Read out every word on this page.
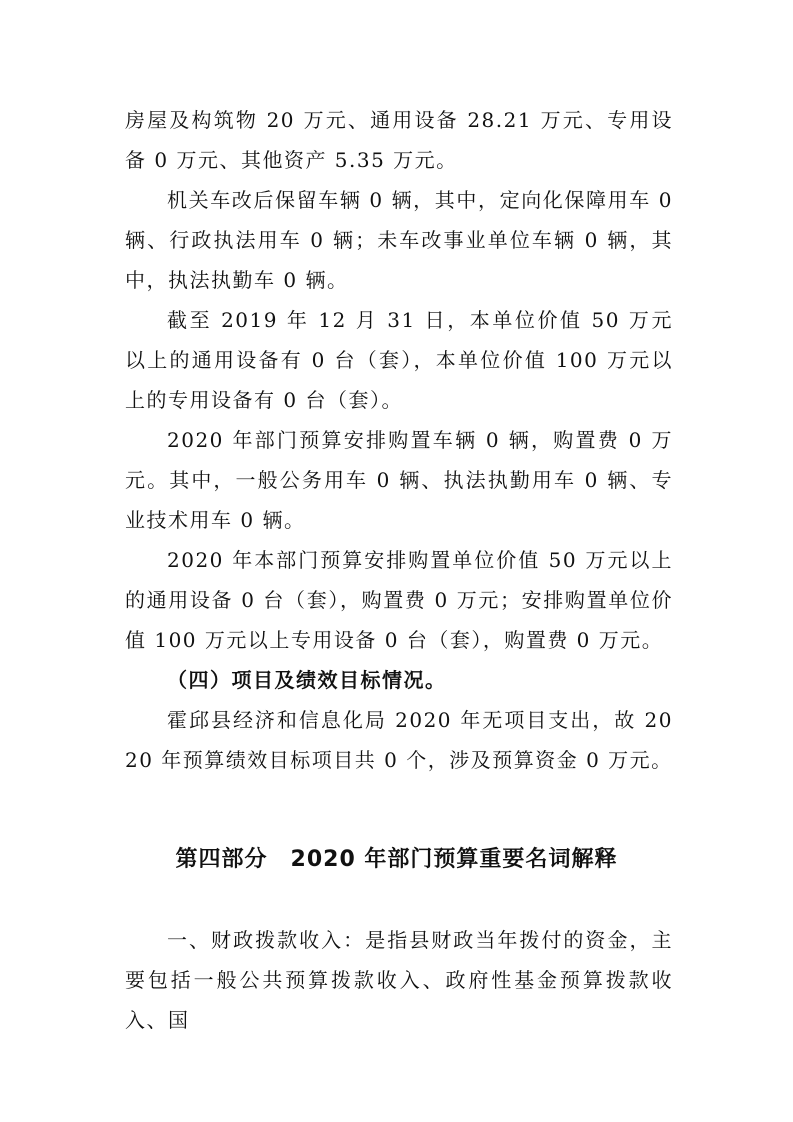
房屋及构筑物 20 万元、通用设备 28.21 万元、专用设备 0 万元、其他资产 5.35 万元。

机关车改后保留车辆 0 辆，其中，定向化保障用车 0 辆、行政执法用车 0 辆；未车改事业单位车辆 0 辆，其中，执法执勤车 0 辆。

截至 2019 年 12 月 31 日，本单位价值 50 万元以上的通用设备有 0 台（套），本单位价值 100 万元以上的专用设备有 0 台（套）。

2020 年部门预算安排购置车辆 0 辆，购置费 0 万元。其中，一般公务用车 0 辆、执法执勤用车 0 辆、专业技术用车 0 辆。

2020 年本部门预算安排购置单位价值 50 万元以上的通用设备 0 台（套），购置费 0 万元；安排购置单位价值 100 万元以上专用设备 0 台（套），购置费 0 万元。

（四）项目及绩效目标情况。

霍邱县经济和信息化局 2020 年无项目支出，故 2020 年预算绩效目标项目共 0 个，涉及预算资金 0 万元。

第四部分　2020 年部门预算重要名词解释

一、财政拨款收入：是指县财政当年拨付的资金，主要包括一般公共预算拨款收入、政府性基金预算拨款收入、国
